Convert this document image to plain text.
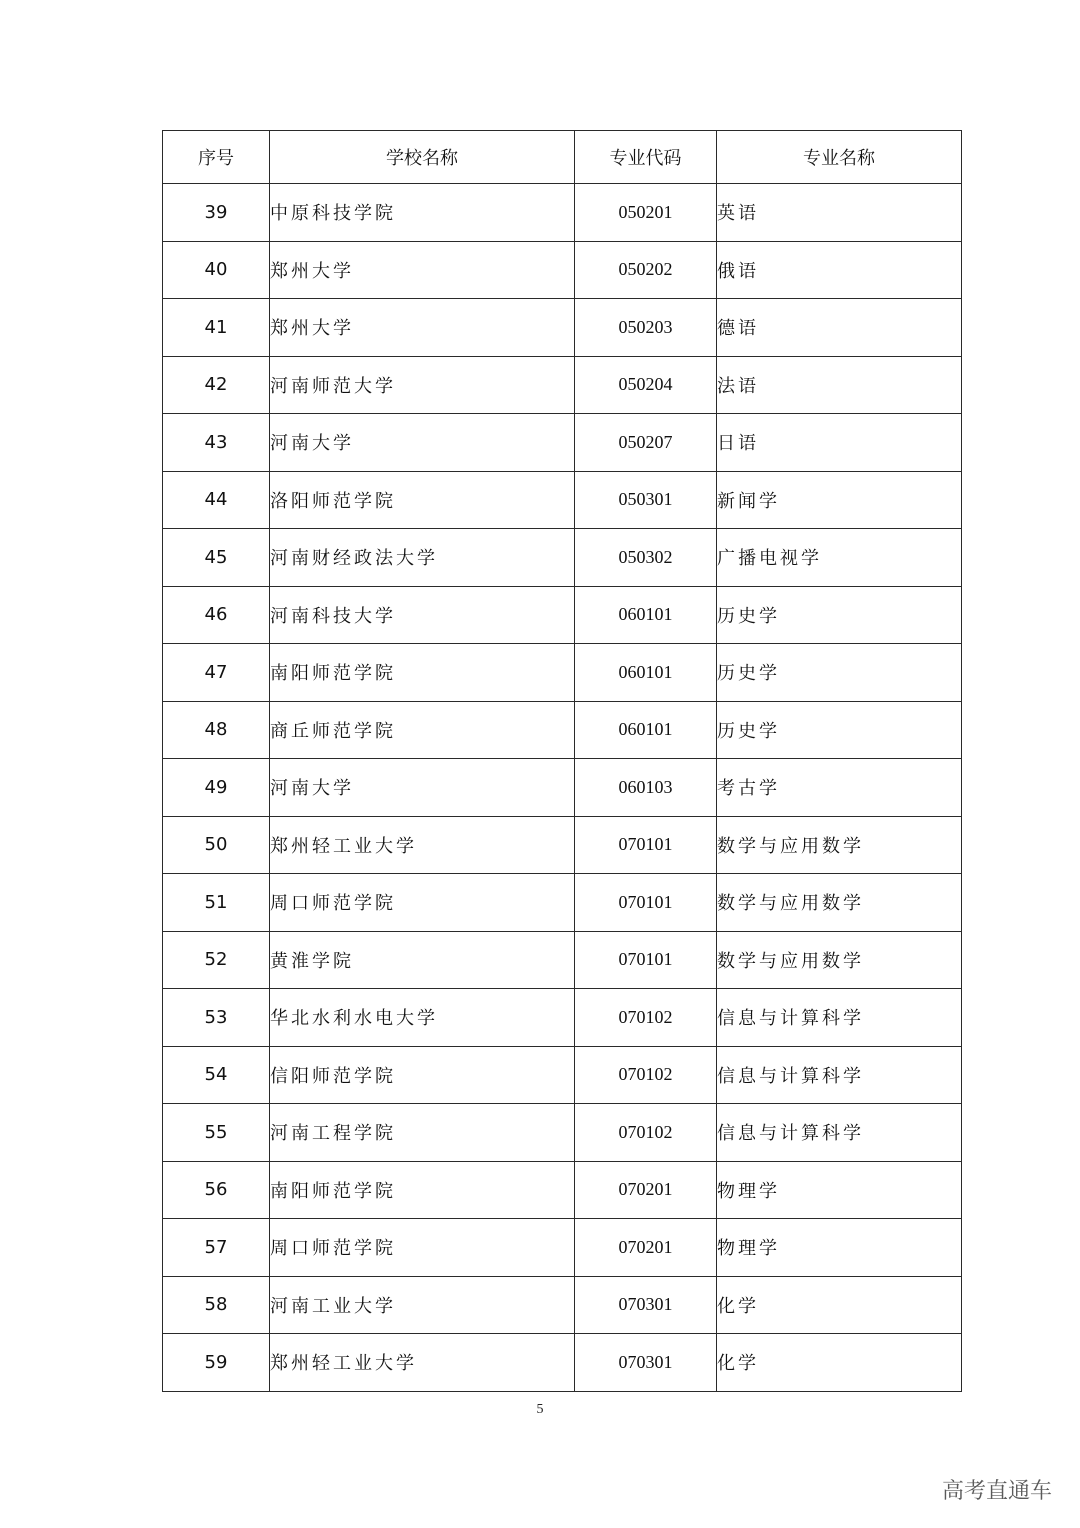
序号	学校名称	专业代码	专业名称
39	中原科技学院	050201	英语
40	郑州大学	050202	俄语
41	郑州大学	050203	德语
42	河南师范大学	050204	法语
43	河南大学	050207	日语
44	洛阳师范学院	050301	新闻学
45	河南财经政法大学	050302	广播电视学
46	河南科技大学	060101	历史学
47	南阳师范学院	060101	历史学
48	商丘师范学院	060101	历史学
49	河南大学	060103	考古学
50	郑州轻工业大学	070101	数学与应用数学
51	周口师范学院	070101	数学与应用数学
52	黄淮学院	070101	数学与应用数学
53	华北水利水电大学	070102	信息与计算科学
54	信阳师范学院	070102	信息与计算科学
55	河南工程学院	070102	信息与计算科学
56	南阳师范学院	070201	物理学
57	周口师范学院	070201	物理学
58	河南工业大学	070301	化学
59	郑州轻工业大学	070301	化学
5
高考直通车
